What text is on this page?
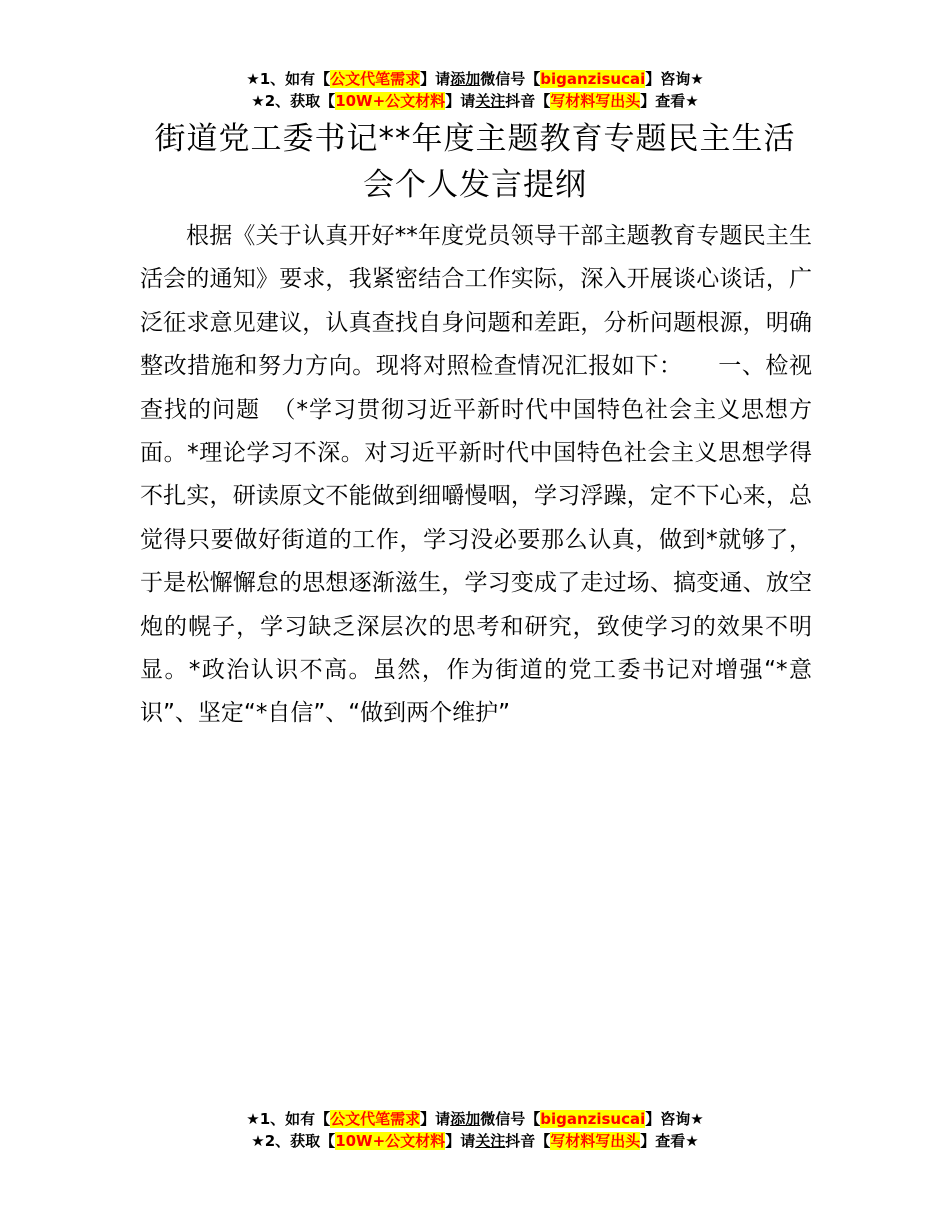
★1、如有【公文代笔需求】请添加微信号【biganzisucai】咨询★
★2、获取【10W+公文材料】请关注抖音【写材料写出头】查看★
街道党工委书记**年度主题教育专题民主生活
会个人发言提纲

根据《关于认真开好**年度党员领导干部主题教育专题民主生活会的通知》要求，我紧密结合工作实际，深入开展谈心谈话，广泛征求意见建议，认真查找自身问题和差距，分析问题根源，明确整改措施和努力方向。现将对照检查情况汇报如下：　　一、检视查找的问题　（*学习贯彻习近平新时代中国特色社会主义思想方面。*理论学习不深。对习近平新时代中国特色社会主义思想学得不扎实，研读原文不能做到细嚼慢咽，学习浮躁，定不下心来，总觉得只要做好街道的工作，学习没必要那么认真，做到*就够了，于是松懈懈怠的思想逐渐滋生，学习变成了走过场、搞变通、放空炮的幌子，学习缺乏深层次的思考和研究，致使学习的效果不明显。*政治认识不高。虽然，作为街道的党工委书记对增强“*意识”、坚定“*自信”、“做到两个维护”

★1、如有【公文代笔需求】请添加微信号【biganzisucai】咨询★
★2、获取【10W+公文材料】请关注抖音【写材料写出头】查看★
